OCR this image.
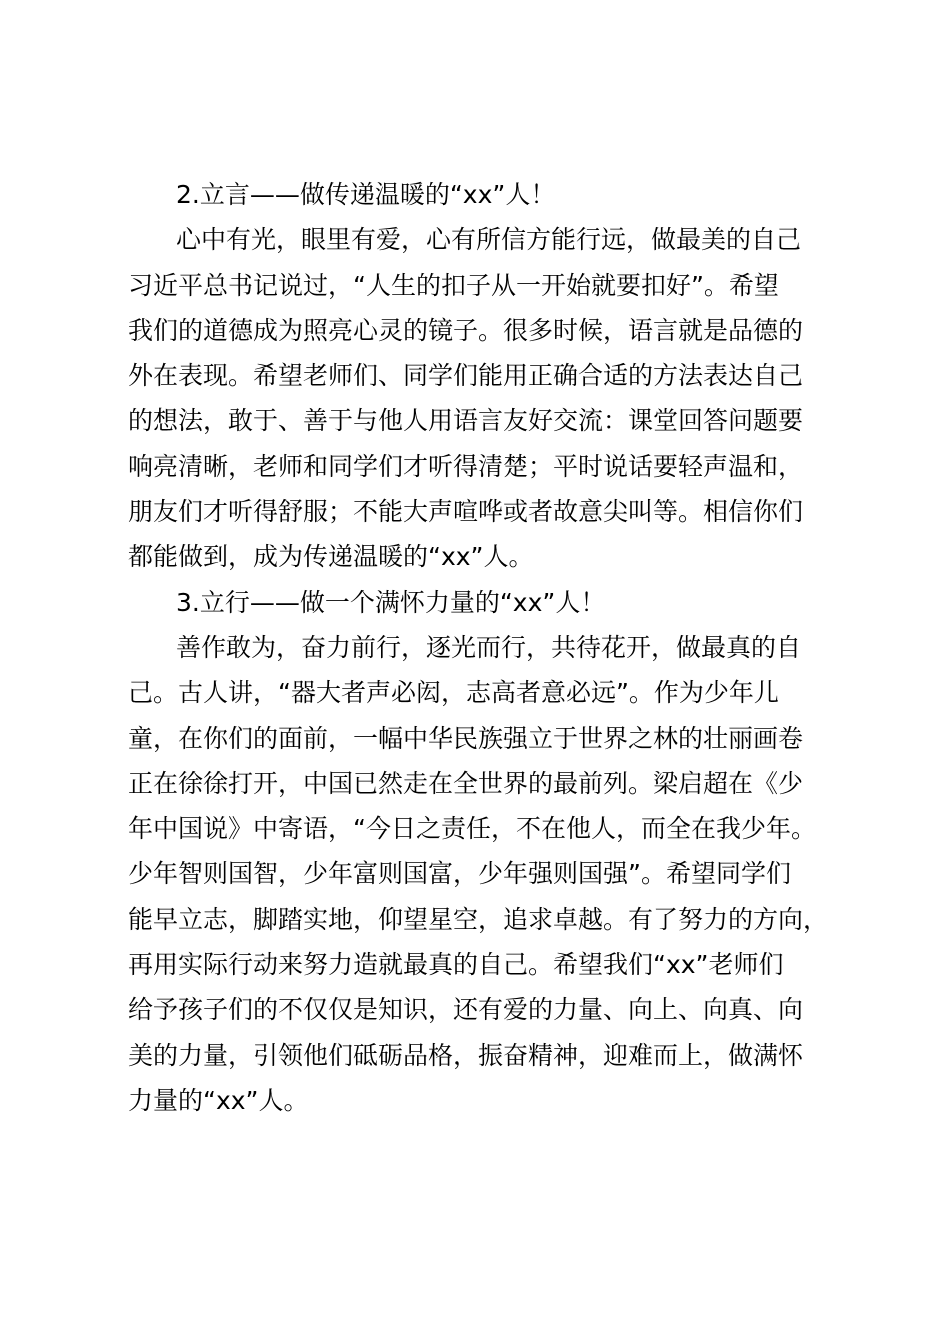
2.立言——做传递温暖的“xx”人！
心中有光，眼里有爱，心有所信方能行远，做最美的自己
习近平总书记说过，“人生的扣子从一开始就要扣好”。希望
我们的道德成为照亮心灵的镜子。很多时候，语言就是品德的
外在表现。希望老师们、同学们能用正确合适的方法表达自己
的想法，敢于、善于与他人用语言友好交流：课堂回答问题要
响亮清晰，老师和同学们才听得清楚；平时说话要轻声温和，
朋友们才听得舒服；不能大声喧哗或者故意尖叫等。相信你们
都能做到，成为传递温暖的“xx”人。
3.立行——做一个满怀力量的“xx”人！
善作敢为，奋力前行，逐光而行，共待花开，做最真的自
己。古人讲，“器大者声必闳，志高者意必远”。作为少年儿
童，在你们的面前，一幅中华民族强立于世界之林的壮丽画卷
正在徐徐打开，中国已然走在全世界的最前列。梁启超在《少
年中国说》中寄语，“今日之责任，不在他人，而全在我少年。
少年智则国智，少年富则国富，少年强则国强”。希望同学们
能早立志，脚踏实地，仰望星空，追求卓越。有了努力的方向，
再用实际行动来努力造就最真的自己。希望我们“xx”老师们
给予孩子们的不仅仅是知识，还有爱的力量、向上、向真、向
美的力量，引领他们砥砺品格，振奋精神，迎难而上，做满怀
力量的“xx”人。
